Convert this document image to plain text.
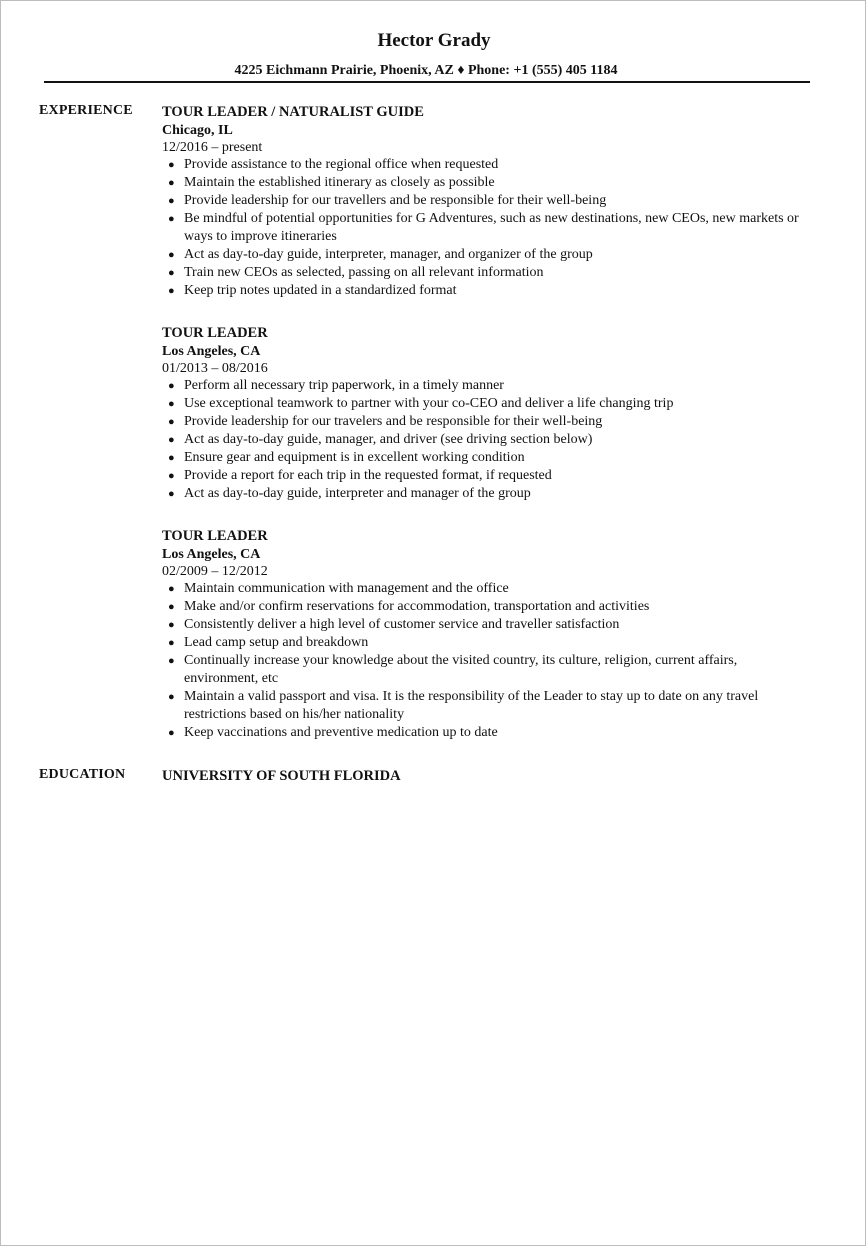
Hector Grady
4225 Eichmann Prairie, Phoenix, AZ ♦ Phone: +1 (555) 405 1184
EXPERIENCE TOUR LEADER / NATURALIST GUIDE
Chicago, IL
12/2016 – present
● Provide assistance to the regional office when requested
● Maintain the established itinerary as closely as possible
● Provide leadership for our travellers and be responsible for their well-being
● Be mindful of potential opportunities for G Adventures, such as new destinations, new CEOs, new markets or ways to improve itineraries
● Act as day-to-day guide, interpreter, manager, and organizer of the group
● Train new CEOs as selected, passing on all relevant information
● Keep trip notes updated in a standardized format
TOUR LEADER
Los Angeles, CA
01/2013 – 08/2016
● Perform all necessary trip paperwork, in a timely manner
● Use exceptional teamwork to partner with your co-CEO and deliver a life changing trip
● Provide leadership for our travelers and be responsible for their well-being
● Act as day-to-day guide, manager, and driver (see driving section below)
● Ensure gear and equipment is in excellent working condition
● Provide a report for each trip in the requested format, if requested
● Act as day-to-day guide, interpreter and manager of the group
TOUR LEADER
Los Angeles, CA
02/2009 – 12/2012
● Maintain communication with management and the office
● Make and/or confirm reservations for accommodation, transportation and activities
● Consistently deliver a high level of customer service and traveller satisfaction
● Lead camp setup and breakdown
● Continually increase your knowledge about the visited country, its culture, religion, current affairs, environment, etc
● Maintain a valid passport and visa. It is the responsibility of the Leader to stay up to date on any travel restrictions based on his/her nationality
● Keep vaccinations and preventive medication up to date
EDUCATION	UNIVERSITY OF SOUTH FLORIDA
